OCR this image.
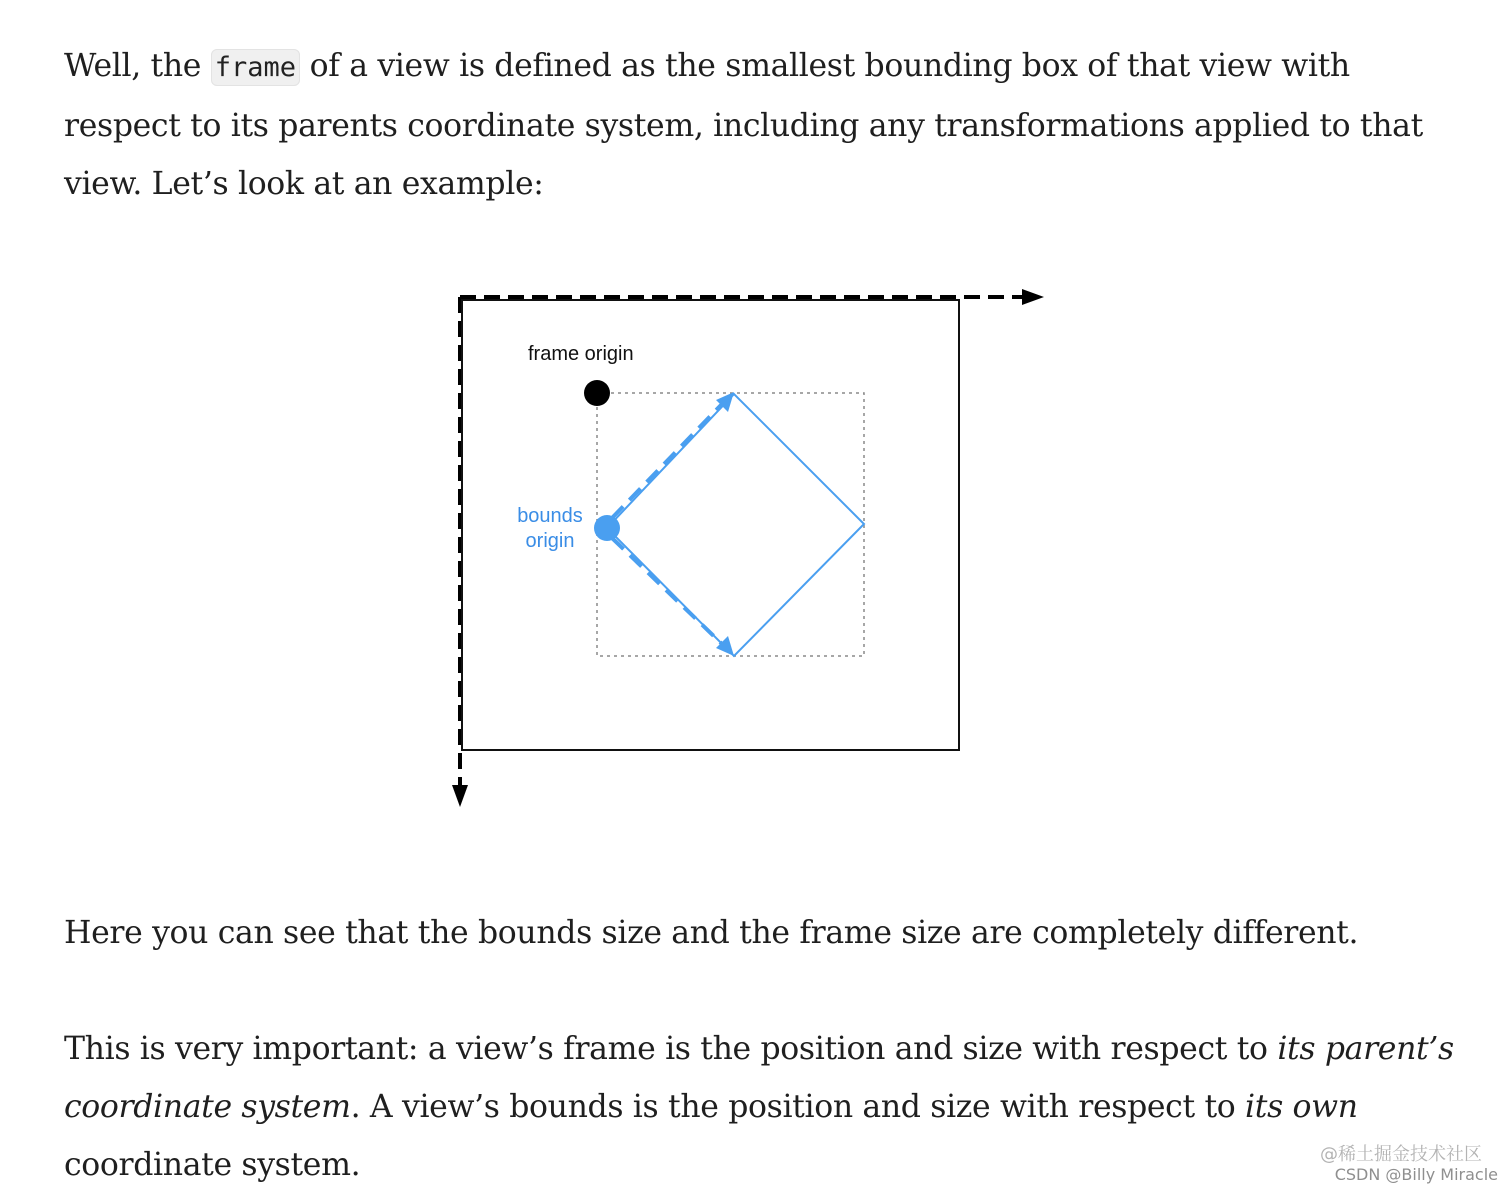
Well, the frame of a view is defined as the smallest bounding box of that view with respect to its parents coordinate system, including any transformations applied to that view. Let’s look at an example:

Here you can see that the bounds size and the frame size are completely different.

This is very important: a view’s frame is the position and size with respect to its parent’s coordinate system. A view’s bounds is the position and size with respect to its own coordinate system.

frame origin
bounds
origin
@稀土掘金技术社区
CSDN @Billy Miracle
